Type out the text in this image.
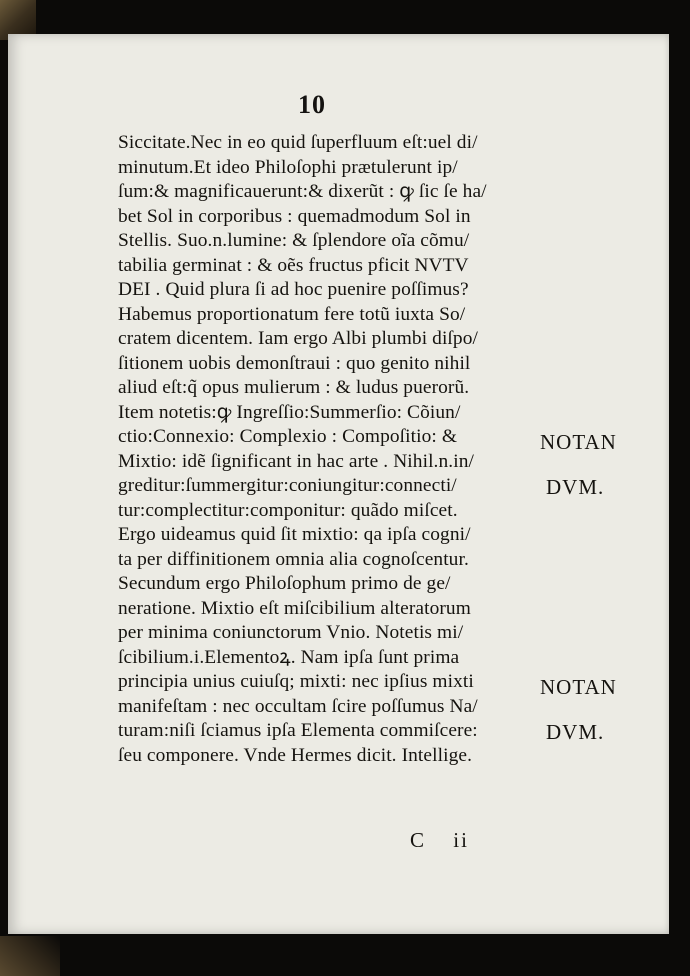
10
Siccitate.Nec in eo quid ſuperfluum eſt:uel di/
minutum.Et ideo Philoſophi prætulerunt ip/
ſum:& magnificauerunt:& dixerũt : ꝙ ſic ſe ha/
bet Sol in corporibus : quemadmodum Sol in
Stellis. Suo.n.lumine: & ſplendore oĩa cõmu/
tabilia germinat : & oẽs fructus pficit NVTV
DEI . Quid plura ſi ad hoc puenire poſſimus?
Habemus proportionatum fere totũ iuxta So/
cratem dicentem. Iam ergo Albi plumbi diſpo/
ſitionem uobis demonſtraui : quo genito nihil
aliud eſt:q̃ opus mulierum : & ludus puerorũ.
Item notetis:ꝙ Ingreſſio:Summerſio: Cõiun/
ctio:Connexio: Complexio : Compoſitio: &
Mixtio: idẽ ſignificant in hac arte . Nihil.n.in/
greditur:ſummergitur:coniungitur:connecti/
tur:complectitur:componitur: quãdo miſcet.
Ergo uideamus quid ſit mixtio: qa ipſa cogni/
ta per diffinitionem omnia alia cognoſcentur.
Secundum ergo Philoſophum primo de ge/
neratione. Mixtio eſt miſcibilium alteratorum
per minima coniunctorum Vnio. Notetis mi/
ſcibilium.i.Elementoꝝ. Nam ipſa ſunt prima
principia unius cuiuſq; mixti: nec ipſius mixti
manifeſtam : nec occultam ſcire poſſumus Na/
turam:niſi ſciamus ipſa Elementa commiſcere:
ſeu componere. Vnde Hermes dicit. Intellige.
NOTAN
DVM.
NOTAN
DVM.
C ii
